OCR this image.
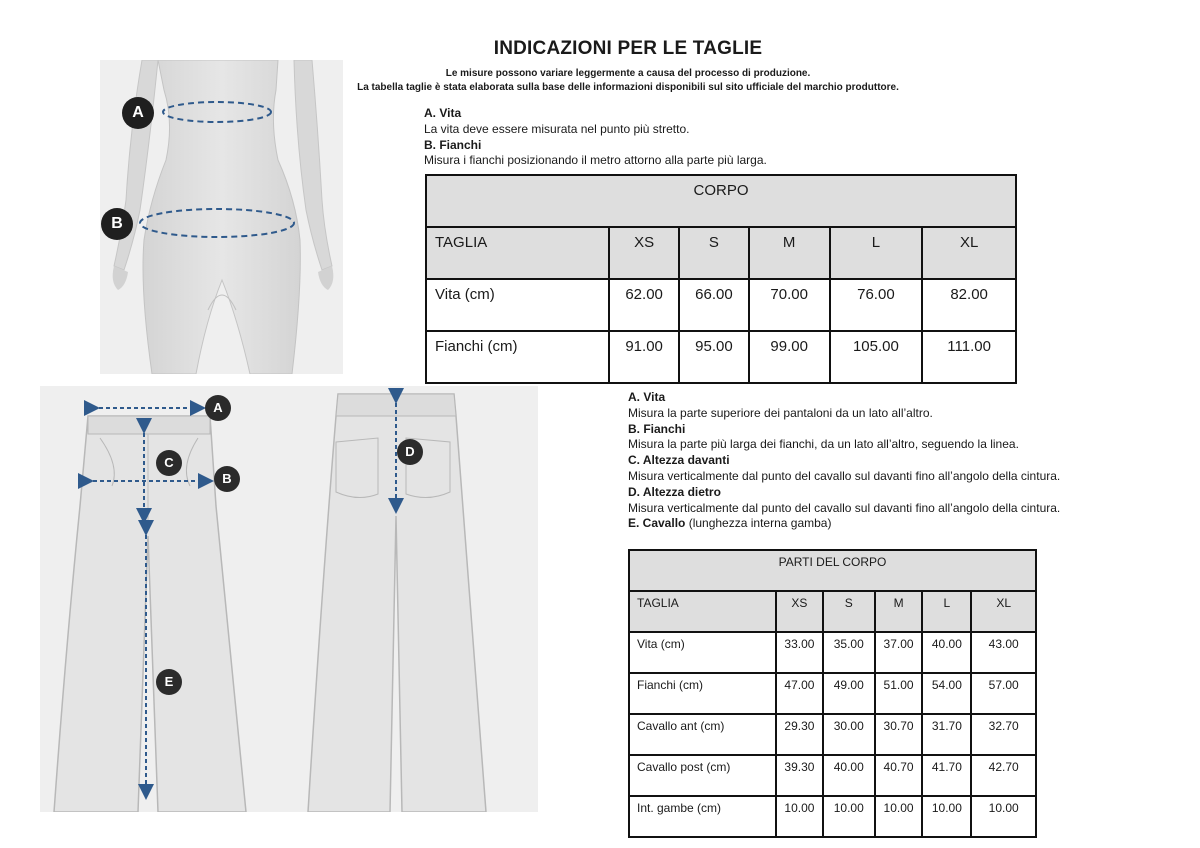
INDICAZIONI PER LE TAGLIE
Le misure possono variare leggermente a causa del processo di produzione.
La tabella taglie è stata elaborata sulla base delle informazioni disponibili sul sito ufficiale del marchio produttore.
A
B
A. Vita
La vita deve essere misurata nel punto più stretto.
B. Fianchi
Misura i fianchi posizionando il metro attorno alla parte più larga.
CORPO					
TAGLIA	XS	S	M	L	XL
Vita (cm)	62.00	66.00	70.00	76.00	82.00
Fianchi (cm)	91.00	95.00	99.00	105.00	111.00
A
B
C
D
E
A. Vita
Misura la parte superiore dei pantaloni da un lato all’altro.
B. Fianchi
Misura la parte più larga dei fianchi, da un lato all’altro, seguendo la linea.
C. Altezza davanti
Misura verticalmente dal punto del cavallo sul davanti fino all’angolo della cintura.
D. Altezza dietro
Misura verticalmente dal punto del cavallo sul davanti fino all’angolo della cintura.
E. Cavallo (lunghezza interna gamba)
PARTI DEL CORPO					
TAGLIA	XS	S	M	L	XL
Vita (cm)	33.00	35.00	37.00	40.00	43.00
Fianchi (cm)	47.00	49.00	51.00	54.00	57.00
Cavallo ant (cm)	29.30	30.00	30.70	31.70	32.70
Cavallo post (cm)	39.30	40.00	40.70	41.70	42.70
Int. gambe (cm)	10.00	10.00	10.00	10.00	10.00
